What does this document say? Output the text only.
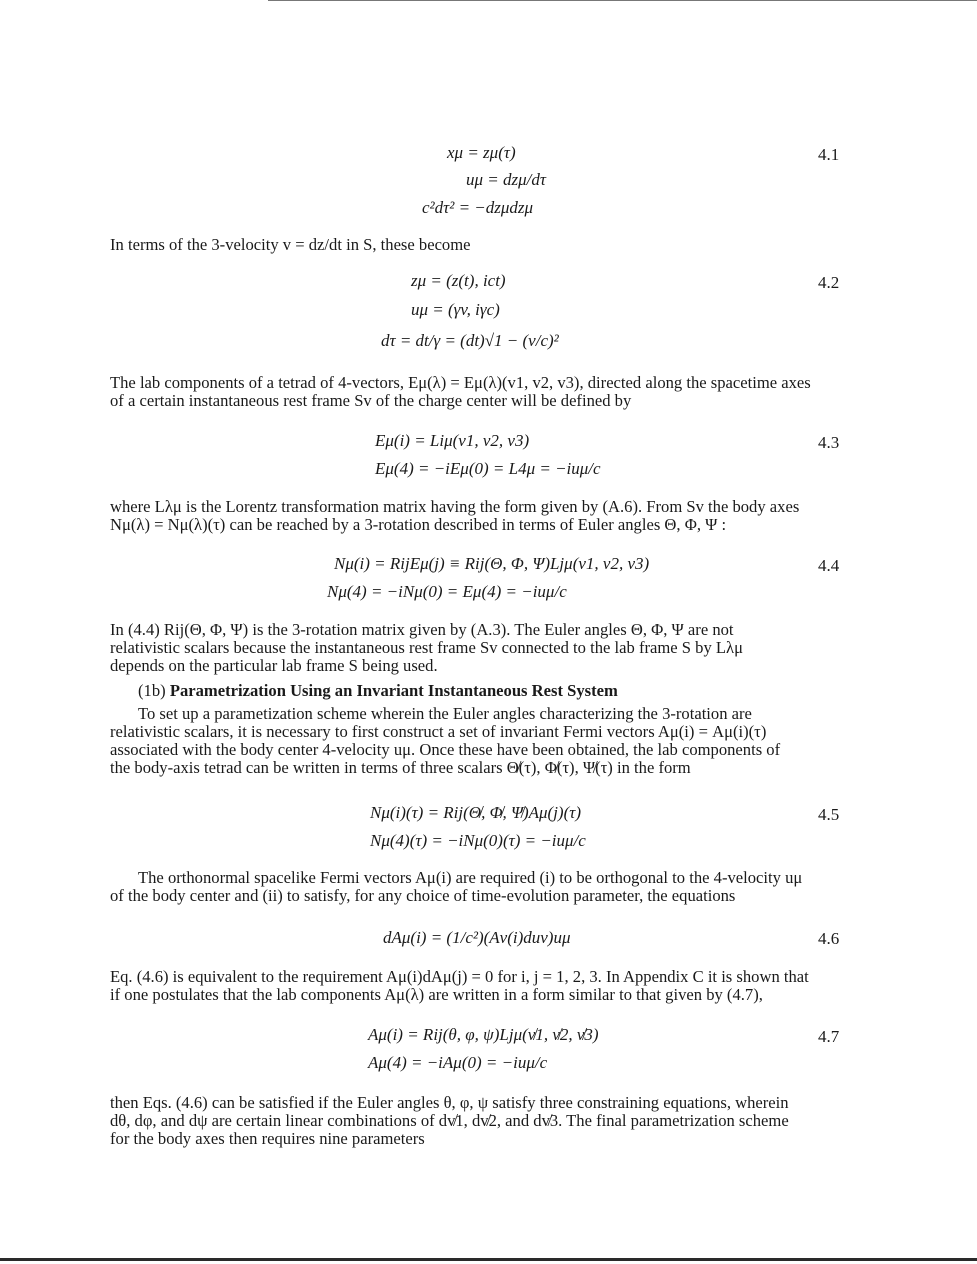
xμ = zμ(τ)
uμ = dzμ/dτ
c²dτ² = −dzμdzμ
4.1
In terms of the 3-velocity v = dz/dt in S, these become
zμ = (z(t), ict)
uμ = (γv, iγc)
dτ = dt/γ = (dt)√1 − (v/c)²
4.2
The lab components of a tetrad of 4-vectors, Eμ(λ) = Eμ(λ)(v1, v2, v3), directed along the spacetime axes
of a certain instantaneous rest frame Sv of the charge center will be defined by
Eμ(i) = Liμ(v1, v2, v3)
Eμ(4) = −iEμ(0) = L4μ = −iuμ/c
4.3
where Lλμ is the Lorentz transformation matrix having the form given by (A.6). From Sv the body axes
Nμ(λ) = Nμ(λ)(τ) can be reached by a 3-rotation described in terms of Euler angles Θ, Φ, Ψ :
Nμ(i) = RijEμ(j) ≡ Rij(Θ, Φ, Ψ)Ljμ(v1, v2, v3)
Nμ(4) = −iNμ(0) = Eμ(4) = −iuμ/c
4.4
In (4.4) Rij(Θ, Φ, Ψ) is the 3-rotation matrix given by (A.3). The Euler angles Θ, Φ, Ψ are not
relativistic scalars because the instantaneous rest frame Sv connected to the lab frame S by Lλμ
depends on the particular lab frame S being used.
(1b) Parametrization Using an Invariant Instantaneous Rest System
To set up a parametization scheme wherein the Euler angles characterizing the 3-rotation are
relativistic scalars, it is necessary to first construct a set of invariant Fermi vectors Aμ(i) = Aμ(i)(τ)
associated with the body center 4-velocity uμ. Once these have been obtained, the lab components of
the body-axis tetrad can be written in terms of three scalars Θ̸(τ), Φ̸(τ), Ψ̸(τ) in the form
Nμ(i)(τ) = Rij(Θ̸, Φ̸, Ψ̸)Aμ(j)(τ)
Nμ(4)(τ) = −iNμ(0)(τ) = −iuμ/c
4.5
The orthonormal spacelike Fermi vectors Aμ(i) are required (i) to be orthogonal to the 4-velocity uμ
of the body center and (ii) to satisfy, for any choice of time-evolution parameter, the equations
dAμ(i) = (1/c²)(Aν(i)duν)uμ	4.6
Eq. (4.6) is equivalent to the requirement Aμ(i)dAμ(j) = 0 for i, j = 1, 2, 3. In Appendix C it is shown that
if one postulates that the lab components Aμ(λ) are written in a form similar to that given by (4.7),
Aμ(i) = Rij(θ, φ, ψ)Ljμ(v̸1, v̸2, v̸3)
Aμ(4) = −iAμ(0) = −iuμ/c
4.7
then Eqs. (4.6) can be satisfied if the Euler angles θ, φ, ψ satisfy three constraining equations, wherein
dθ, dφ, and dψ are certain linear combinations of dv̸1, dv̸2, and dv̸3. The final parametrization scheme
for the body axes then requires nine parameters
